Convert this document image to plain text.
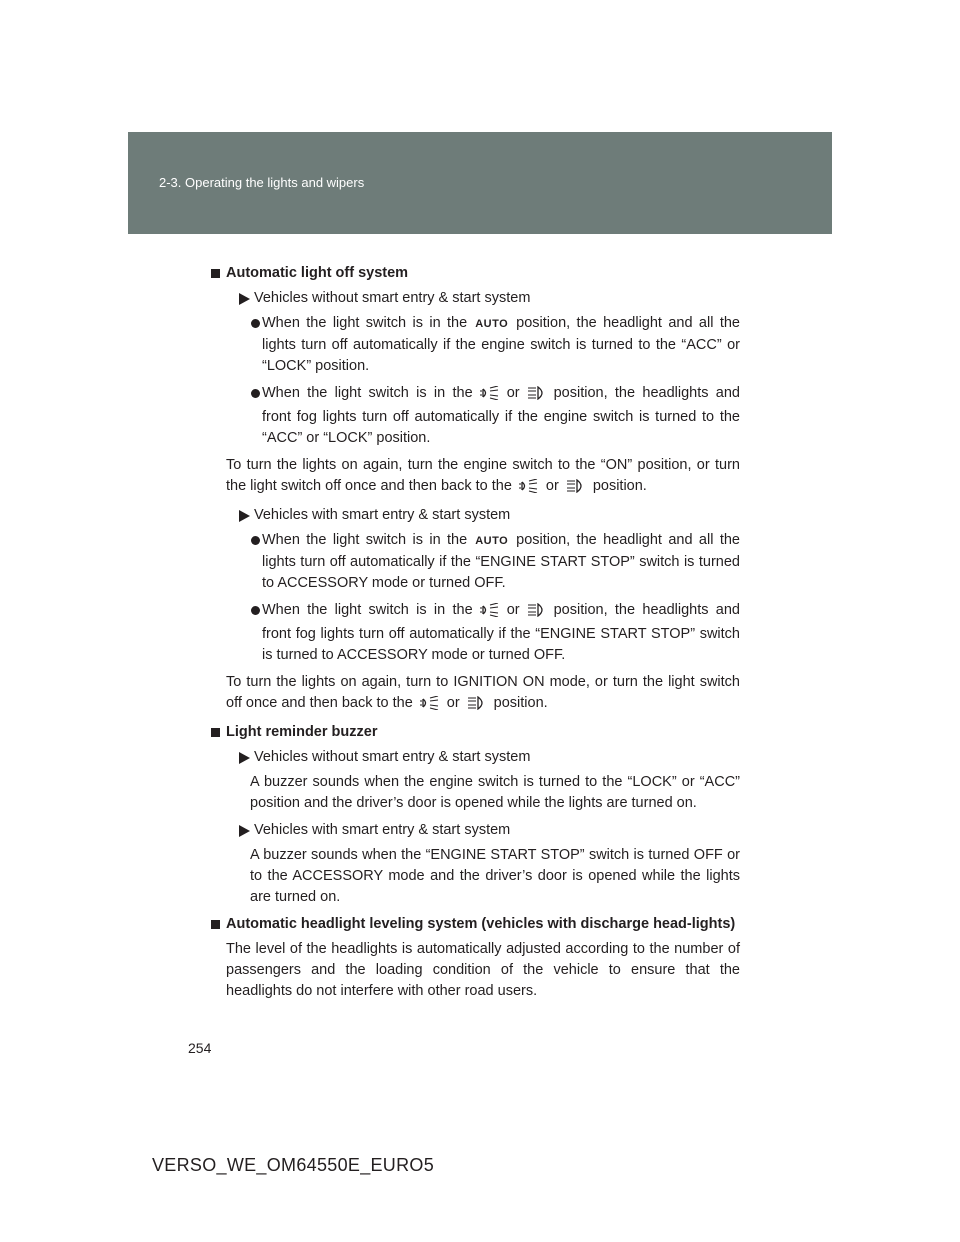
2-3. Operating the lights and wipers
Automatic light off system
Vehicles without smart entry & start system
When the light switch is in the AUTO position, the headlight and all the lights turn off automatically if the engine switch is turned to the “ACC” or “LOCK” position.
When the light switch is in the or position, the headlights and front fog lights turn off automatically if the engine switch is turned to the “ACC” or “LOCK” position.
To turn the lights on again, turn the engine switch to the “ON” position, or turn the light switch off once and then back to the or position.
Vehicles with smart entry & start system
When the light switch is in the AUTO position, the headlight and all the lights turn off automatically if the “ENGINE START STOP” switch is turned to ACCESSORY mode or turned OFF.
When the light switch is in the or position, the headlights and front fog lights turn off automatically if the “ENGINE START STOP” switch is turned to ACCESSORY mode or turned OFF.
To turn the lights on again, turn to IGNITION ON mode, or turn the light switch off once and then back to the or position.
Light reminder buzzer
Vehicles without smart entry & start system
A buzzer sounds when the engine switch is turned to the “LOCK” or “ACC” position and the driver’s door is opened while the lights are turned on.
Vehicles with smart entry & start system
A buzzer sounds when the “ENGINE START STOP” switch is turned OFF or to the ACCESSORY mode and the driver’s door is opened while the lights are turned on.
Automatic headlight leveling system (vehicles with discharge head-lights)
The level of the headlights is automatically adjusted according to the number of passengers and the loading condition of the vehicle to ensure that the headlights do not interfere with other road users.
254
VERSO_WE_OM64550E_EURO5
